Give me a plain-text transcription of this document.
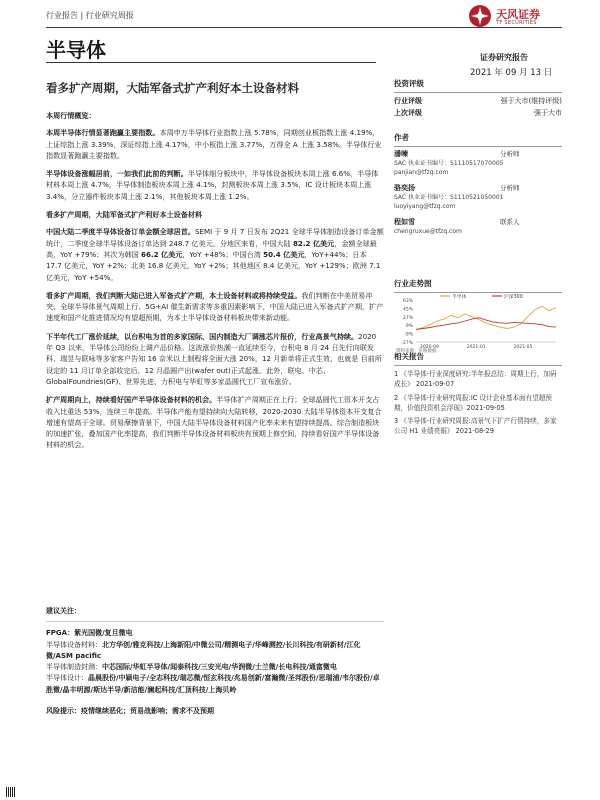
行业报告 | 行业研究周报	天风证券
TF SECURITIES
半导体	证券研究报告
2021 年 09 月 13 日
看多扩产周期，大陆军备式扩产利好本土设备材料

本周行情概览：

本周半导体行情显著跑赢主要指数。本周申万半导体行业指数上涨 5.78%，同期创业板指数上涨 4.19%，上证综指上涨 3.39%，深证综指上涨 4.17%，中小板指上涨 3.77%，万得全 A 上涨 3.58%。半导体行业指数显著跑赢主要指数。

半导体设备涨幅居前，一如我们此前的判断。半导体细分板块中，半导体设备板块本周上涨 6.6%，半导体材料本周上涨 4.7%，半导体制造板块本周上涨 4.1%，封测板块本周上涨 3.5%，IC 设计板块本周上涨 3.4%，分立器件板块本周上涨 2.1%，其他板块本周上涨 1.2%。

看多扩产周期，大陆军备式扩产利好本土设备材料

中国大陆二季度半导体设备订单金额全球居首。SEMI 于 9 月 7 日发布 2Q21 全球半导体制造设备订单金额统计，二季度全球半导体设备订单达到 248.7 亿美元，分地区来看，中国大陆 82.2 亿美元，金额全球最高，YoY +79%；其次为韩国 66.2 亿美元，YoY +48%；中国台湾 50.4 亿美元，YoY+44%；日本 17.7 亿美元，YoY +2%；北美 16.8 亿美元，YoY +2%；其他地区 8.4 亿美元，YoY +129%；欧洲 7.1 亿美元，YoY +54%。

看多扩产周期，我们判断大陆已进入军备式扩产期，本土设备材料或将持续受益。我们判断在中美贸易冲突、全球半导体景气周期上行、5G+AI 催生新需求等多重因素影响下，中国大陆已进入军备式扩产期，扩产速度和国产化推进情况均有望超预期，为本土半导体设备材料板块带来新动能。

下半年代工厂涨价延续，以台积电为首的多家国际、国内制造大厂调涨芯片报价，行业高景气持续。2020 年 Q3 以来，半导体公司纷纷上调产品价格。这波涨价热潮一直延续至今，台积电 8 月 24 日先行向联发科、瑞昱与联咏等多家客户告知 16 奈米以上制程将全面大涨 20%，12 月新单将正式生效，也就是 目前所设定的 11 月订单全部收完后，12 月晶圆产出(wafer out)正式起涨。此外，联电、中芯、GlobalFoundries(GF)、世界先进、力积电与华虹等多家晶圆代工厂宣布涨价。

扩产周期向上，持续看好国产半导体设备材料的机会。半导体扩产周期正在上行；全球晶圆代工资本开支占收入比重达 53%，连续三年提高。半导体产能有望持续向大陆转移，2020-2030 大陆半导体资本开支复合增速有望高于全球。贸易摩擦背景下，中国大陆半导体设备材料国产化率未来有望持续提高。综合制造板块的加速扩张，叠加国产化率提高，我们判断半导体设备材料板块有预期上修空间，持续看好国产半导体设备材料的机会。

投资评级
行业评级	强于大市(维持评级)
上次评级	强于大市
作者
潘暕	分析师
SAC 执业证书编号：S1110517070005
panjian@tfzq.com
骆奕扬	分析师
SAC 执业证书编号：S1110521050001
luoyiyang@tfzq.com
程如雪	联系人
chengruxue@tfzq.com
行业走势图
63%
45%
27%
9%
-9%
-27%
2020-09	2021-01	2021-05
半导体	沪深300
资料来源：贝格数据
相关报告
1 《半导体-行业深度研究:半年报总结：周期上行，加码成长》 2021-09-07
2 《半导体-行业研究周报:IC 设计企业基本面有望超预期，价值投资机会浮现》2021-09-05
3 《半导体-行业研究周报:高景气下扩产行情持续，多家公司 H1 业绩亮眼》 2021-08-29

建议关注：

FPGA：紫光国微/复旦微电

半导体设备材料：北方华创/雅克科技/上海新阳/中微公司/精测电子/华峰测控/长川科技/有研新材/江化微/ASM pacific

半导体制造封测：中芯国际/华虹半导体/闻泰科技/三安光电/华润微/士兰微/长电科技/通富微电

半导体设计：晶晨股份/中颖电子/全志科技/瑞芯微/恒玄科技/兆易创新/富瀚微/圣邦股份/思瑞浦/韦尔股份/卓胜微/晶丰明源/斯达半导/新洁能/澜起科技/汇顶科技/上海贝岭

风险提示：疫情继续恶化；贸易战影响；需求不及预期
